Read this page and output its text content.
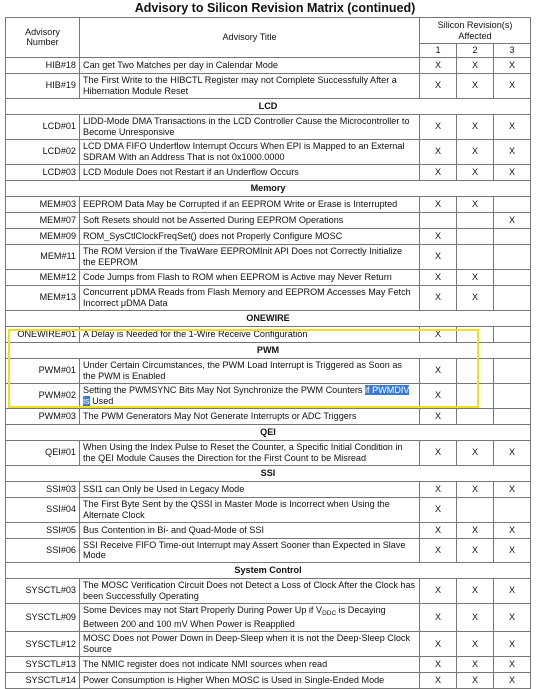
Advisory to Silicon Revision Matrix (continued)
Advisory Number	Advisory Title	Silicon Revision(s) Affected		
		1	2	3
HIB#18	Can get Two Matches per day in Calendar Mode	X	X	X
HIB#19	The First Write to the HIBCTL Register may not Complete Successfully After a Hibernation Module Reset	X	X	X
LCD				
LCD#01	LIDD-Mode DMA Transactions in the LCD Controller Cause the Microcontroller to Become Unresponsive	X	X	X
LCD#02	LCD DMA FIFO Underflow Interrupt Occurs When EPI is Mapped to an External SDRAM With an Address That is not 0x1000.0000	X	X	X
LCD#03	LCD Module Does not Restart if an Underflow Occurs	X	X	X
Memory				
MEM#03	EEPROM Data May be Corrupted if an EEPROM Write or Erase is Interrupted	X	X	
MEM#07	Soft Resets should not be Asserted During EEPROM Operations			X
MEM#09	ROM_SysCtlClockFreqSet() does not Properly Configure MOSC	X		
MEM#11	The ROM Version if the TivaWare EEPROMInit API Does not Correctly Initialize the EEPROM	X		
MEM#12	Code Jumps from Flash to ROM when EEPROM is Active may Never Return	X	X	
MEM#13	Concurrent μDMA Reads from Flash Memory and EEPROM Accesses May Fetch Incorrect μDMA Data	X	X	
ONEWIRE				
ONEWIRE#01	A Delay is Needed for the 1-Wire Receive Configuration	X		
PWM				
PWM#01	Under Certain Circumstances, the PWM Load Interrupt is Triggered as Soon as the PWM is Enabled	X		
PWM#02	Setting the PWMSYNC Bits May Not Synchronize the PWM Counters if PWMDIV is Used	X		
PWM#03	The PWM Generators May Not Generate Interrupts or ADC Triggers	X		
QEI				
QEI#01	When Using the Index Pulse to Reset the Counter, a Specific Initial Condition in the QEI Module Causes the Direction for the First Count to be Misread	X	X	X
SSI				
SSI#03	SSI1 can Only be Used in Legacy Mode	X	X	X
SSI#04	The First Byte Sent by the QSSI in Master Mode is Incorrect when Using the Alternate Clock	X		
SSI#05	Bus Contention in Bi- and Quad-Mode of SSI	X	X	X
SSI#06	SSI Receive FIFO Time-out Interrupt may Assert Sooner than Expected in Slave Mode	X	X	X
System Control				
SYSCTL#03	The MOSC Verification Circuit Does not Detect a Loss of Clock After the Clock has been Successfully Operating	X	X	X
SYSCTL#09	Some Devices may not Start Properly During Power Up if $V_{DDC}$ is Decaying Between 200 and 100 mV When Power is Reapplied	X	X	X
SYSCTL#12	MOSC Does not Power Down in Deep-Sleep when it is not the Deep-Sleep Clock Source	X	X	X
SYSCTL#13	The NMIC register does not indicate NMI sources when read	X	X	X
SYSCTL#14	Power Consumption is Higher When MOSC is Used in Single-Ended Mode	X	X	X
